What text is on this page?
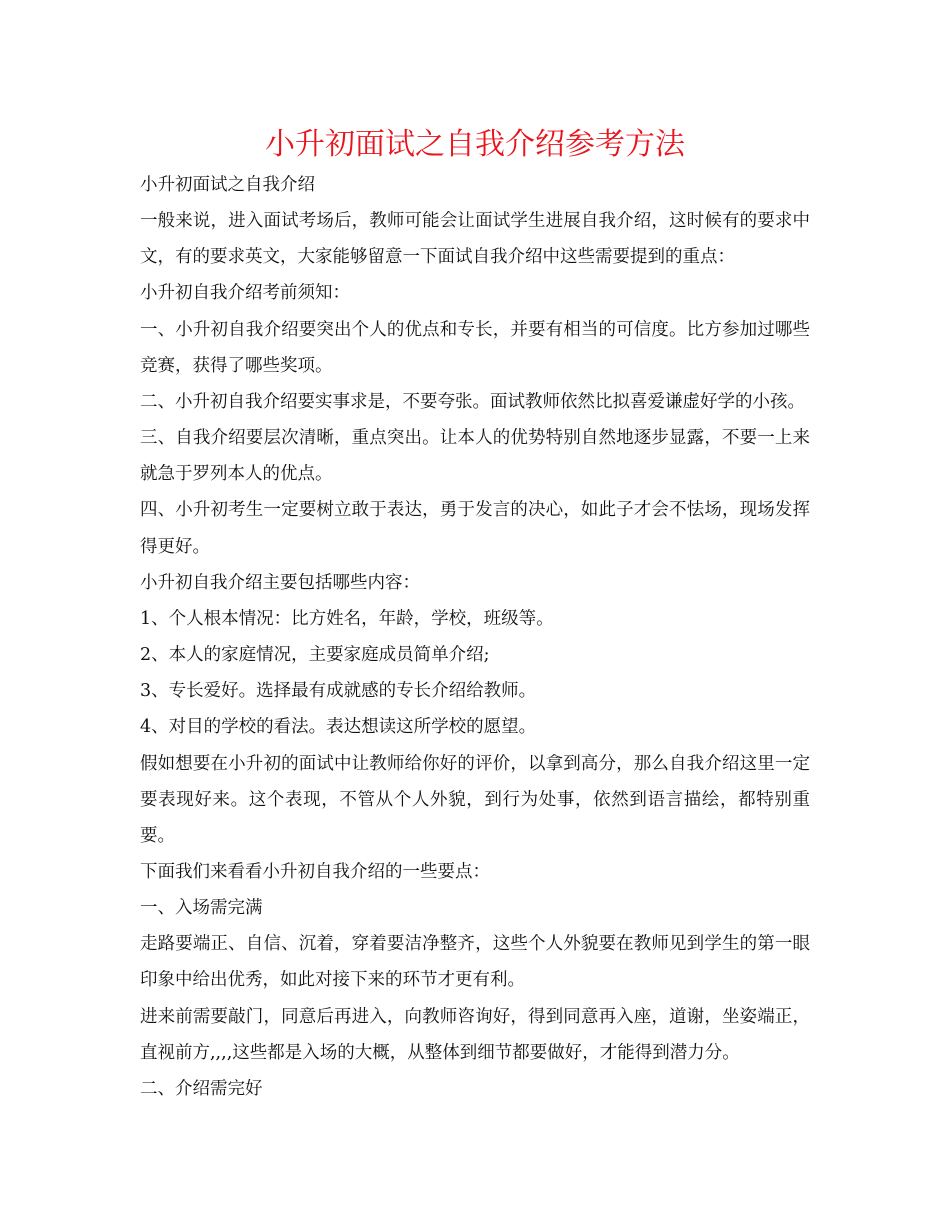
小升初面试之自我介绍参考方法

小升初面试之自我介绍

一般来说，进入面试考场后，教师可能会让面试学生进展自我介绍，这时候有的要求中文，有的要求英文，大家能够留意一下面试自我介绍中这些需要提到的重点：

小升初自我介绍考前须知：

一、小升初自我介绍要突出个人的优点和专长，并要有相当的可信度。比方参加过哪些竞赛，获得了哪些奖项。

二、小升初自我介绍要实事求是，不要夸张。面试教师依然比拟喜爱谦虚好学的小孩。

三、自我介绍要层次清晰，重点突出。让本人的优势特别自然地逐步显露，不要一上来就急于罗列本人的优点。

四、小升初考生一定要树立敢于表达，勇于发言的决心，如此子才会不怯场，现场发挥得更好。

小升初自我介绍主要包括哪些内容：

1、个人根本情况：比方姓名，年龄，学校，班级等。

2、本人的家庭情况，主要家庭成员简单介绍;

3、专长爱好。选择最有成就感的专长介绍给教师。

4、对目的学校的看法。表达想读这所学校的愿望。

假如想要在小升初的面试中让教师给你好的评价，以拿到高分，那么自我介绍这里一定要表现好来。这个表现，不管从个人外貌，到行为处事，依然到语言描绘，都特别重要。

下面我们来看看小升初自我介绍的一些要点：

一、入场需完满

走路要端正、自信、沉着，穿着要洁净整齐，这些个人外貌要在教师见到学生的第一眼印象中给出优秀，如此对接下来的环节才更有利。

进来前需要敲门，同意后再进入，向教师咨询好，得到同意再入座，道谢，坐姿端正，直视前方,,,,这些都是入场的大概，从整体到细节都要做好，才能得到潜力分。

二、介绍需完好
